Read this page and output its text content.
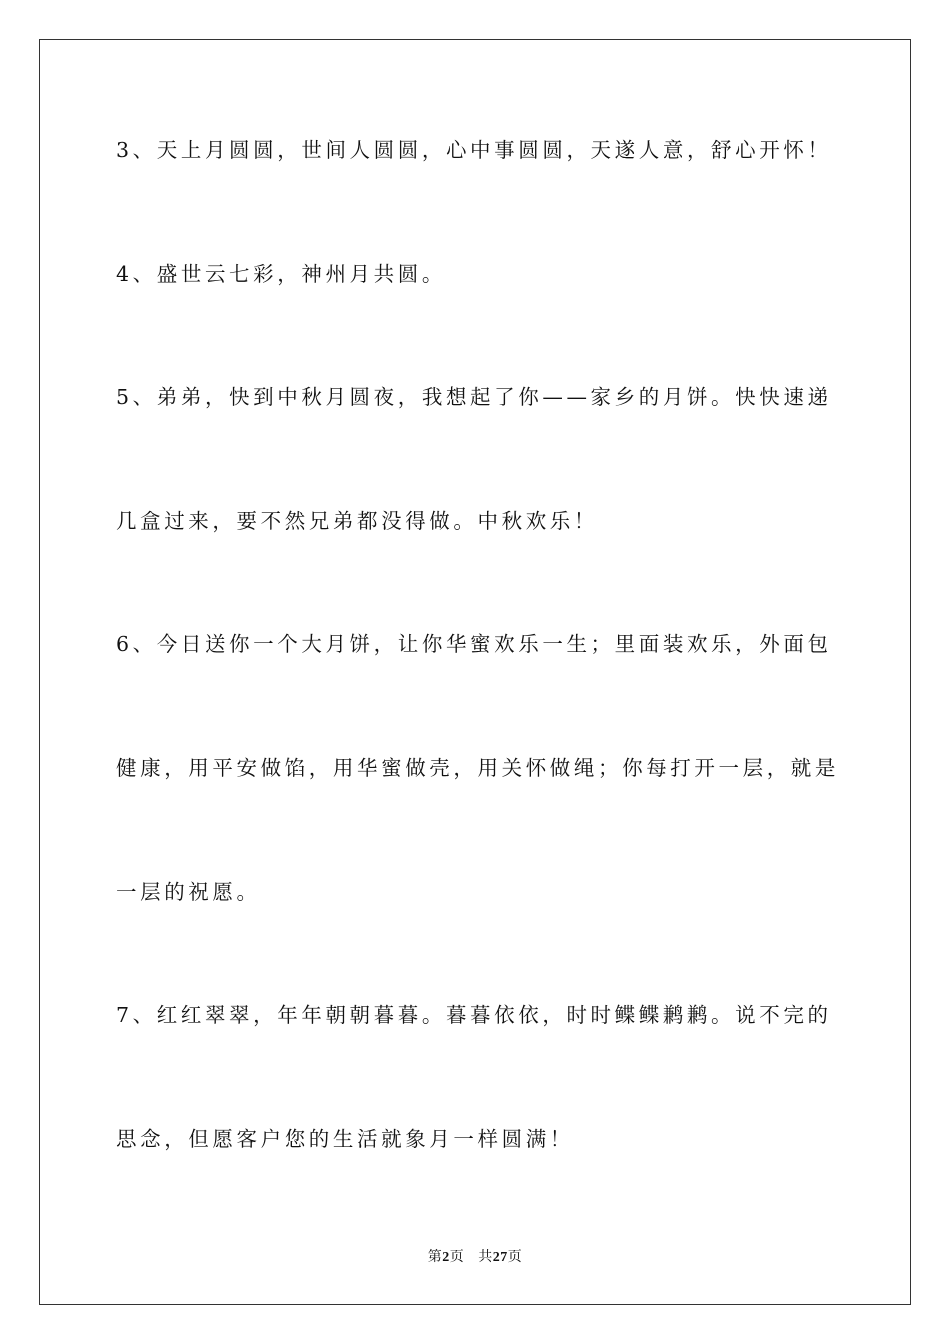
3、天上月圆圆，世间人圆圆，心中事圆圆，天遂人意，舒心开怀！
4、盛世云七彩，神州月共圆。
5、弟弟，快到中秋月圆夜，我想起了你——家乡的月饼。快快速递
几盒过来，要不然兄弟都没得做。中秋欢乐！
6、今日送你一个大月饼，让你华蜜欢乐一生；里面装欢乐，外面包
健康，用平安做馅，用华蜜做壳，用关怀做绳；你每打开一层，就是
一层的祝愿。
7、红红翠翠，年年朝朝暮暮。暮暮依依，时时鲽鲽鹣鹣。说不完的
思念，但愿客户您的生活就象月一样圆满！
第2页 共27页
